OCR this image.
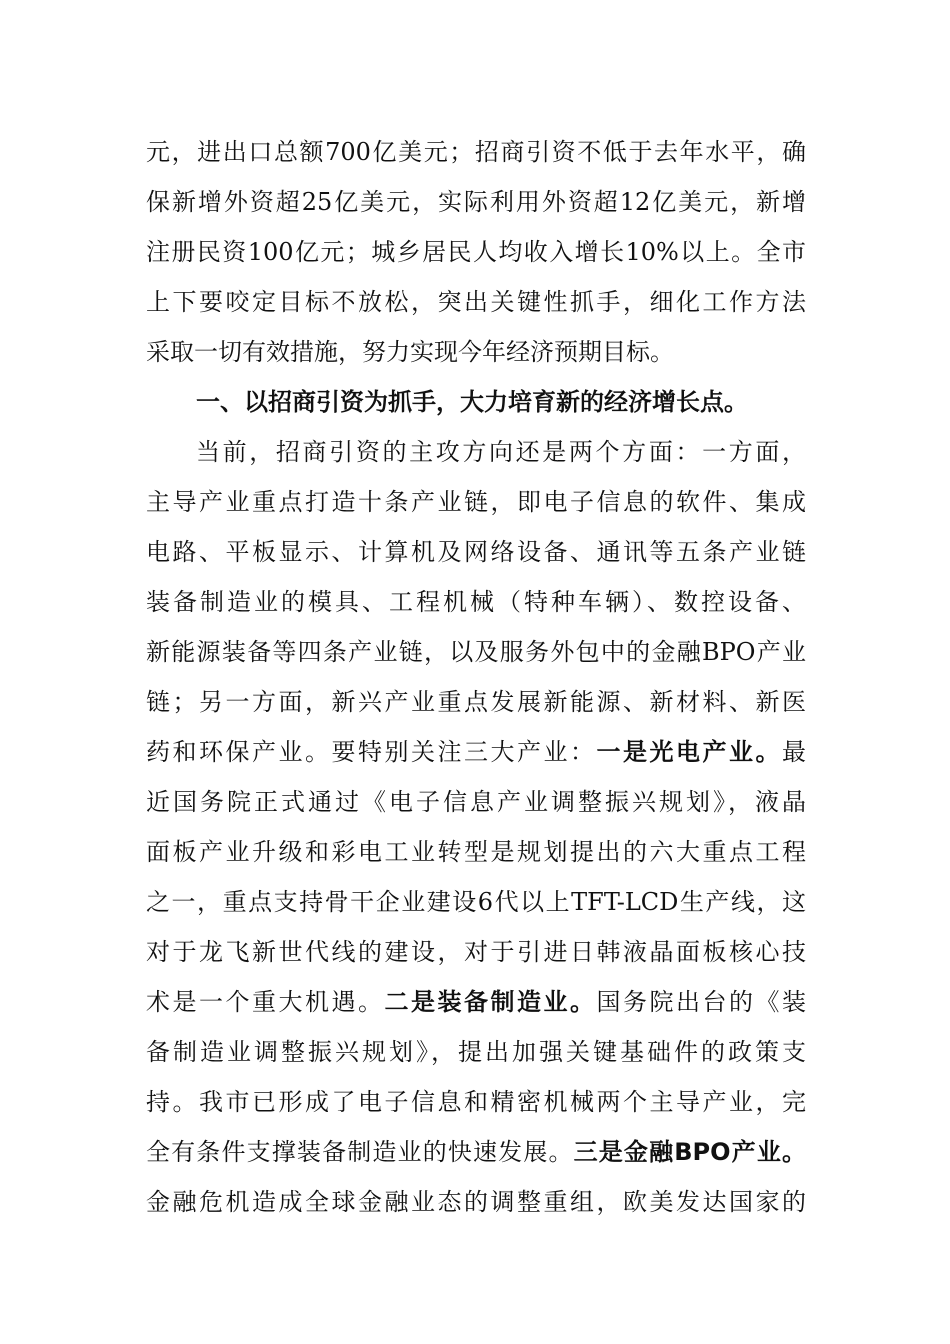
元，进出口总额700亿美元；招商引资不低于去年水平，确
保新增外资超25亿美元，实际利用外资超12亿美元，新增
注册民资100亿元；城乡居民人均收入增长10%以上。全市
上下要咬定目标不放松，突出关键性抓手，细化工作方法
采取一切有效措施，努力实现今年经济预期目标。
一、以招商引资为抓手，大力培育新的经济增长点。
当前，招商引资的主攻方向还是两个方面：一方面，
主导产业重点打造十条产业链，即电子信息的软件、集成
电路、平板显示、计算机及网络设备、通讯等五条产业链
装备制造业的模具、工程机械（特种车辆）、数控设备、
新能源装备等四条产业链，以及服务外包中的金融BPO产业
链；另一方面，新兴产业重点发展新能源、新材料、新医
药和环保产业。要特别关注三大产业：一是光电产业。最
近国务院正式通过《电子信息产业调整振兴规划》，液晶
面板产业升级和彩电工业转型是规划提出的六大重点工程
之一，重点支持骨干企业建设6代以上TFT-LCD生产线，这
对于龙飞新世代线的建设，对于引进日韩液晶面板核心技
术是一个重大机遇。二是装备制造业。国务院出台的《装
备制造业调整振兴规划》，提出加强关键基础件的政策支
持。我市已形成了电子信息和精密机械两个主导产业，完
全有条件支撑装备制造业的快速发展。三是金融BPO产业。
金融危机造成全球金融业态的调整重组，欧美发达国家的
